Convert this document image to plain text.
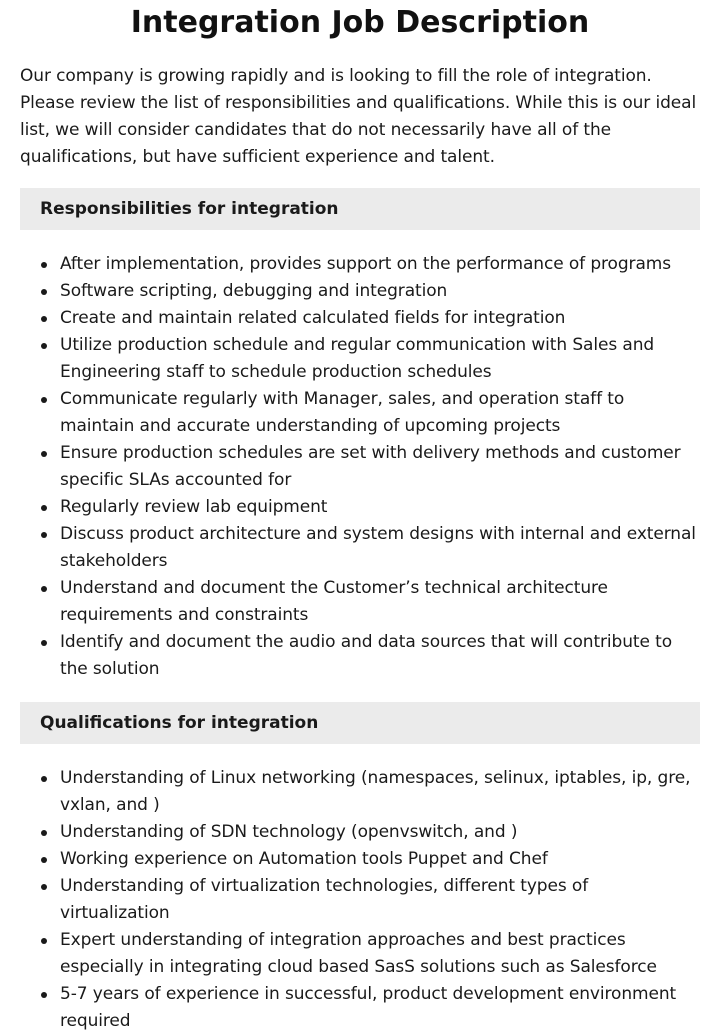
Integration Job Description

Our company is growing rapidly and is looking to fill the role of integration. Please review the list of responsibilities and qualifications. While this is our ideal list, we will consider candidates that do not necessarily have all of the qualifications, but have sufficient experience and talent.

Responsibilities for integration
After implementation, provides support on the performance of programs
Software scripting, debugging and integration
Create and maintain related calculated fields for integration
Utilize production schedule and regular communication with Sales and Engineering staff to schedule production schedules
Communicate regularly with Manager, sales, and operation staff to maintain and accurate understanding of upcoming projects
Ensure production schedules are set with delivery methods and customer specific SLAs accounted for
Regularly review lab equipment
Discuss product architecture and system designs with internal and external stakeholders
Understand and document the Customer’s technical architecture requirements and constraints
Identify and document the audio and data sources that will contribute to the solution
Qualifications for integration
Understanding of Linux networking (namespaces, selinux, iptables, ip, gre, vxlan, and )
Understanding of SDN technology (openvswitch, and )
Working experience on Automation tools Puppet and Chef
Understanding of virtualization technologies, different types of virtualization
Expert understanding of integration approaches and best practices especially in integrating cloud based SasS solutions such as Salesforce
5-7 years of experience in successful, product development environment required
